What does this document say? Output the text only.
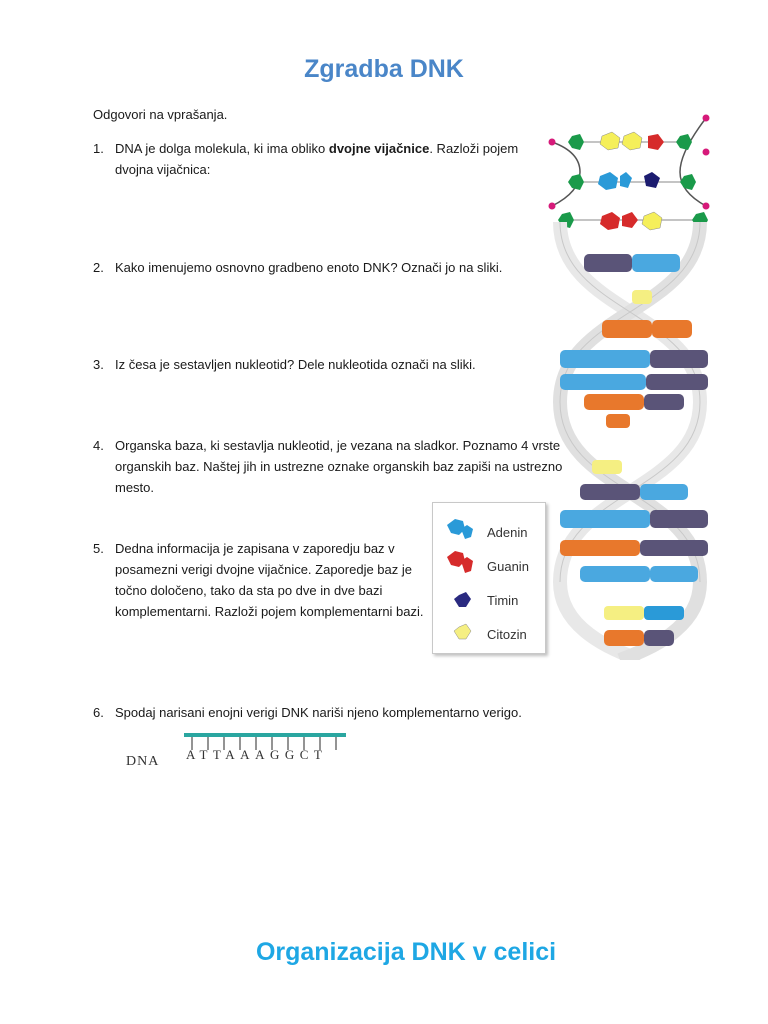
Zgradba DNK
Odgovori na vprašanja.
1. DNA je dolga molekula, ki ima obliko dvojne vijačnice. Razloži pojem dvojna vijačnica:
2. Kako imenujemo osnovno gradbeno enoto DNK? Označi jo na sliki.
3. Iz česa je sestavljen nukleotid? Dele nukleotida označi na sliki.
4. Organska baza, ki sestavlja nukleotid, je vezana na sladkor. Poznamo 4 vrste organskih baz. Naštej jih in ustrezne oznake organskih baz zapiši na ustrezno mesto.
5. Dedna informacija je zapisana v zaporedju baz v posamezni verigi dvojne vijačnice. Zaporedje baz je točno določeno, tako da sta po dve in dve bazi komplementarni. Razloži pojem komplementarni bazi.
6. Spodaj narisani enojni verigi DNK nariši njeno komplementarno verigo.
Adenin
Guanin
Timin
Citozin
DNA ATTAAAGGCT
Organizacija DNK v celici
